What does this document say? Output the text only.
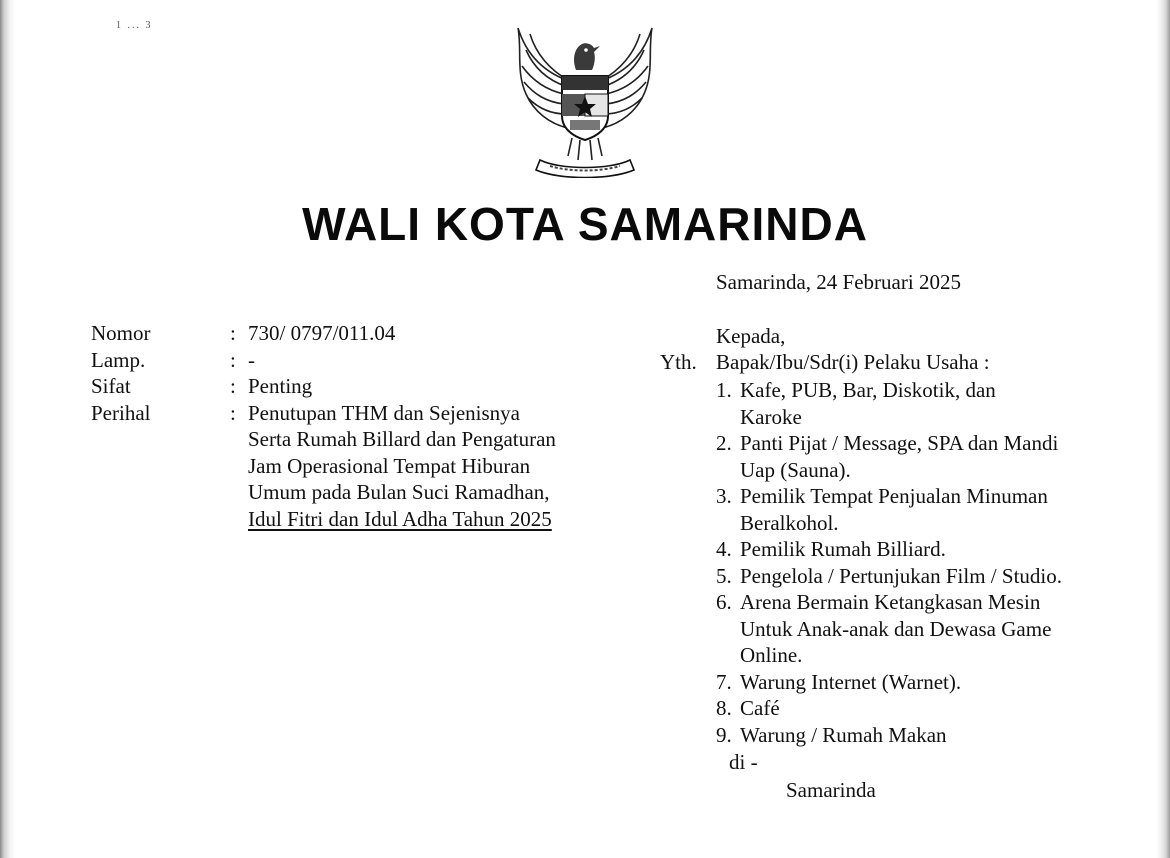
1 ... 3
WALI KOTA SAMARINDA
Samarinda, 24 Februari 2025
Nomor	: 730/ 0797/011.04
Lamp.	: -
Sifat	: Penting
Perihal	: Penutupan THM dan Sejenisnya
Serta Rumah Billard dan Pengaturan
Jam Operasional Tempat Hiburan
Umum pada Bulan Suci Ramadhan,
Idul Fitri dan Idul Adha Tahun 2025
Kepada,
Yth. Bapak/Ibu/Sdr(i) Pelaku Usaha :
1. Kafe, PUB, Bar, Diskotik, dan
Karoke
2. Panti Pijat / Message, SPA dan Mandi
Uap (Sauna).
3. Pemilik Tempat Penjualan Minuman
Beralkohol.
4. Pemilik Rumah Billiard.
5. Pengelola / Pertunjukan Film / Studio.
6. Arena Bermain Ketangkasan Mesin
Untuk Anak-anak dan Dewasa Game
Online.
7. Warung Internet (Warnet).
8. Café
9. Warung / Rumah Makan
di -
Samarinda
